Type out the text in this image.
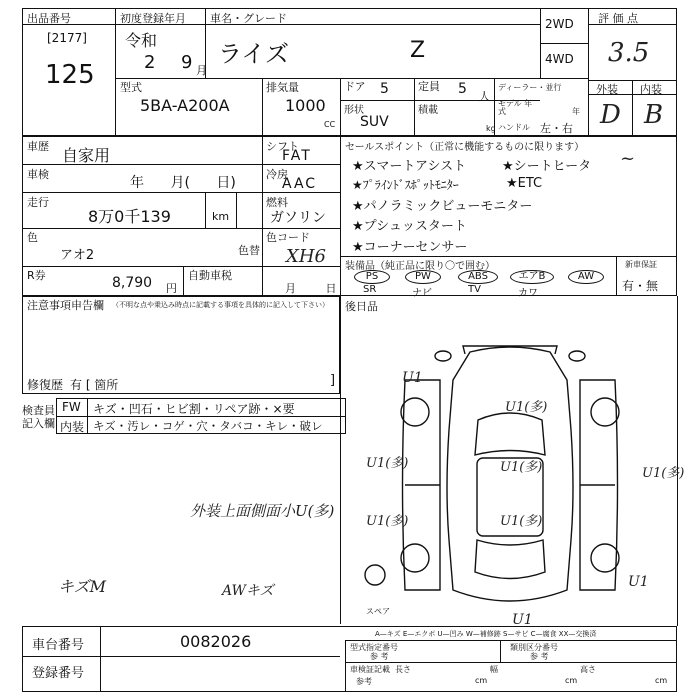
出品番号
[2177]
125
初度登録年月
令和
2 9 月
車名・グレード
ライズ	Z
2WD
4WD
評 価 点
3.5
外装 内装
D B
型式
5BA-A200A
排気量
1000
CC
ドア 5	定員 5 人
形状
SUV
積載
kg
ディーラー・並行
モデル 年式	年
ハンドル 左・右
車歴 自家用
車検
年 月( 日)
走行
8万0千139	km
色
アオ2	色替
R券	8,790 円
自動車税
月 日
シフト
FAT
冷房
AAC
燃料
ガソリン
色コード
XH6
セールスポイント（正常に機能するものに限ります）
★スマートアシスト	★シートヒータ
★ﾌﾟﾗｲﾝﾄﾞｽﾎﾟｯﾄﾓﾆﾀｰ	★ETC
★パノラミックビューモニター
★プシュッスタート
★コーナーセンサー
~
装備品（純正品に限り〇で囲む）	新車保証
有・無
PS
SR
PW
ナビ
ABS
TV
エアB
カワ
AW
注意事項申告欄 （不明な点や乗込み時点に記載する事項を具体的に記入して下さい）
修復歴 有 [ 箇所	]
後日品
検査員 記入欄
FW キズ・凹石・ヒビ割・リペア跡・×要
内装 キズ・汚レ・コゲ・穴・タバコ・キレ・破レ
外装上面側面小U(多)
キズM	AWキズ
スペア
U1
U1(多)
U1(多)	U1(多)	U1(多)
U1(多)	U1(多)
U1
U1
A—キズ E—エクボ U—凹み W—補修跡 S—サビ C—腐食 XX—交換済
車台番号	0082026
登録番号
型式指定番号
参 考
類別区分番号
参 考
車検証記載
参考
長さ
cm
幅
cm
高さ
cm
